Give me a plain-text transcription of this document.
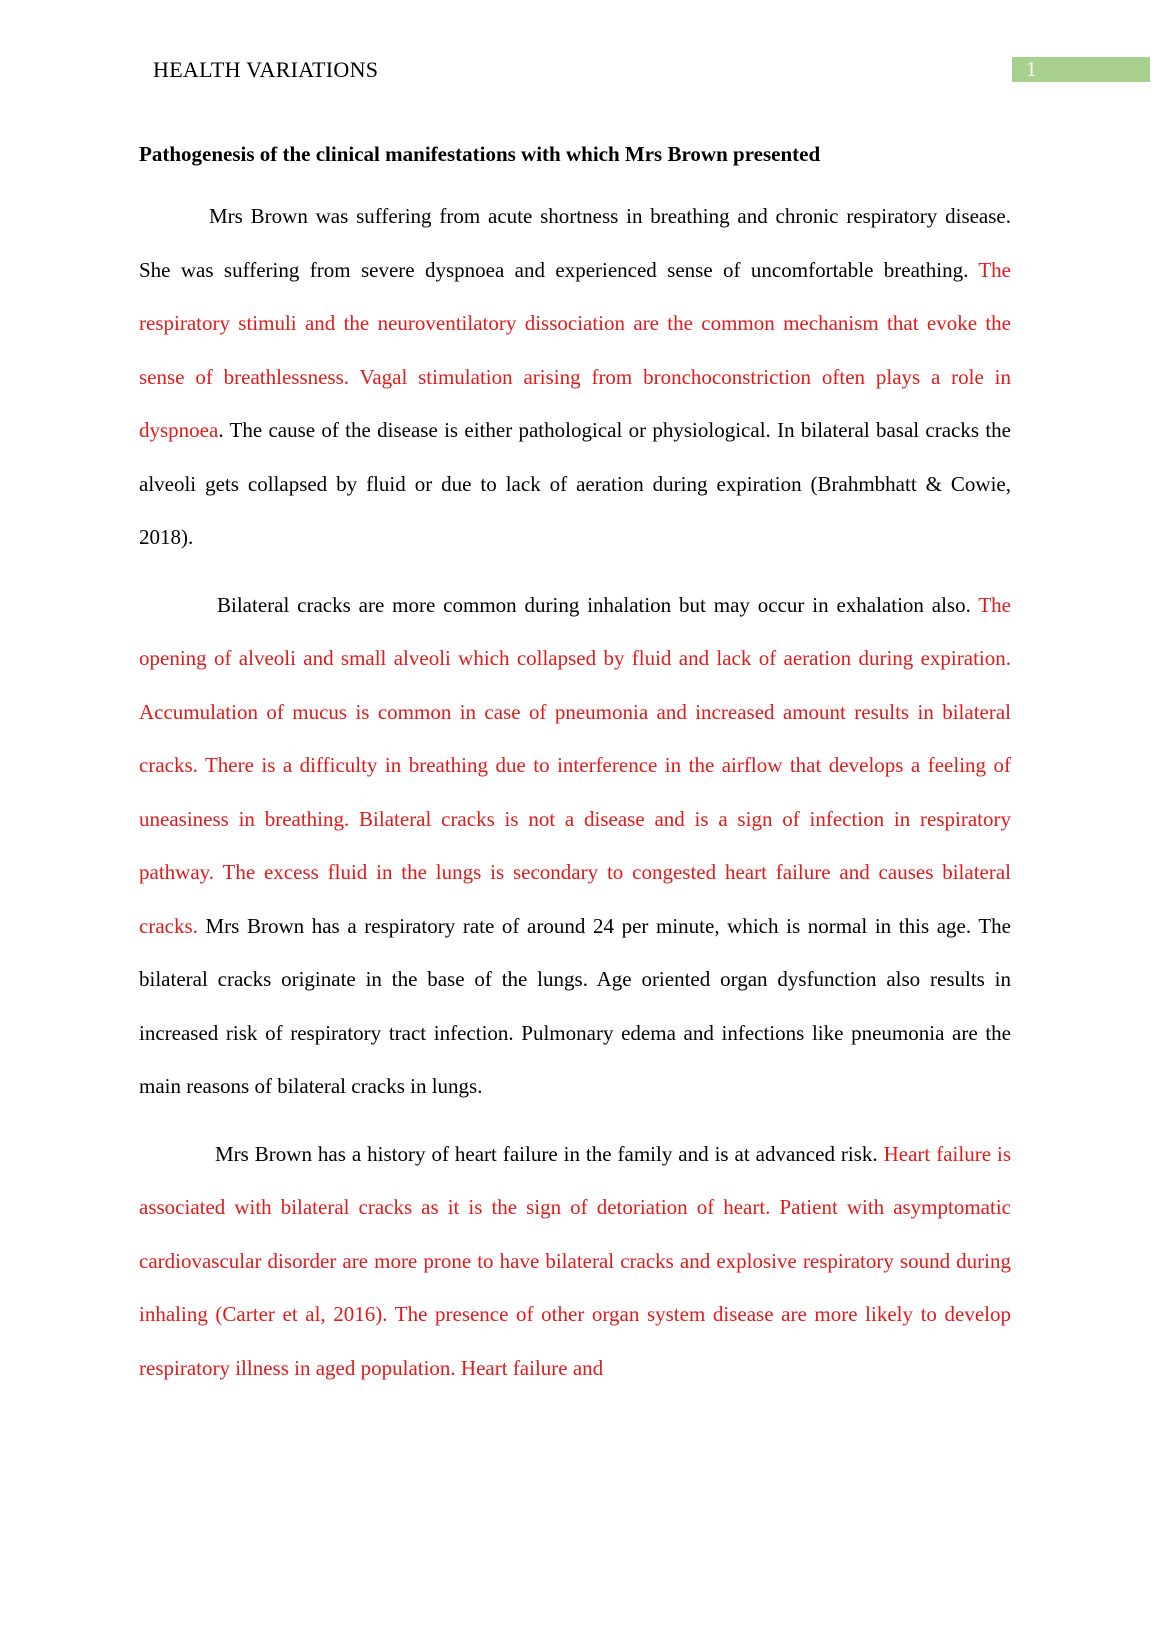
HEALTH VARIATIONS	1
Pathogenesis of the clinical manifestations with which Mrs Brown presented

Mrs Brown was suffering from acute shortness in breathing and chronic respiratory disease. She was suffering from severe dyspnoea and experienced sense of uncomfortable breathing. The respiratory stimuli and the neuroventilatory dissociation are the common mechanism that evoke the sense of breathlessness. Vagal stimulation arising from bronchoconstriction often plays a role in dyspnoea. The cause of the disease is either pathological or physiological. In bilateral basal cracks the alveoli gets collapsed by fluid or due to lack of aeration during expiration (Brahmbhatt & Cowie, 2018).

Bilateral cracks are more common during inhalation but may occur in exhalation also. The opening of alveoli and small alveoli which collapsed by fluid and lack of aeration during expiration. Accumulation of mucus is common in case of pneumonia and increased amount results in bilateral cracks. There is a difficulty in breathing due to interference in the airflow that develops a feeling of uneasiness in breathing. Bilateral cracks is not a disease and is a sign of infection in respiratory pathway. The excess fluid in the lungs is secondary to congested heart failure and causes bilateral cracks. Mrs Brown has a respiratory rate of around 24 per minute, which is normal in this age. The bilateral cracks originate in the base of the lungs. Age oriented organ dysfunction also results in increased risk of respiratory tract infection. Pulmonary edema and infections like pneumonia are the main reasons of bilateral cracks in lungs.

Mrs Brown has a history of heart failure in the family and is at advanced risk. Heart failure is associated with bilateral cracks as it is the sign of detoriation of heart. Patient with asymptomatic cardiovascular disorder are more prone to have bilateral cracks and explosive respiratory sound during inhaling (Carter et al, 2016). The presence of other organ system disease are more likely to develop respiratory illness in aged population. Heart failure and
